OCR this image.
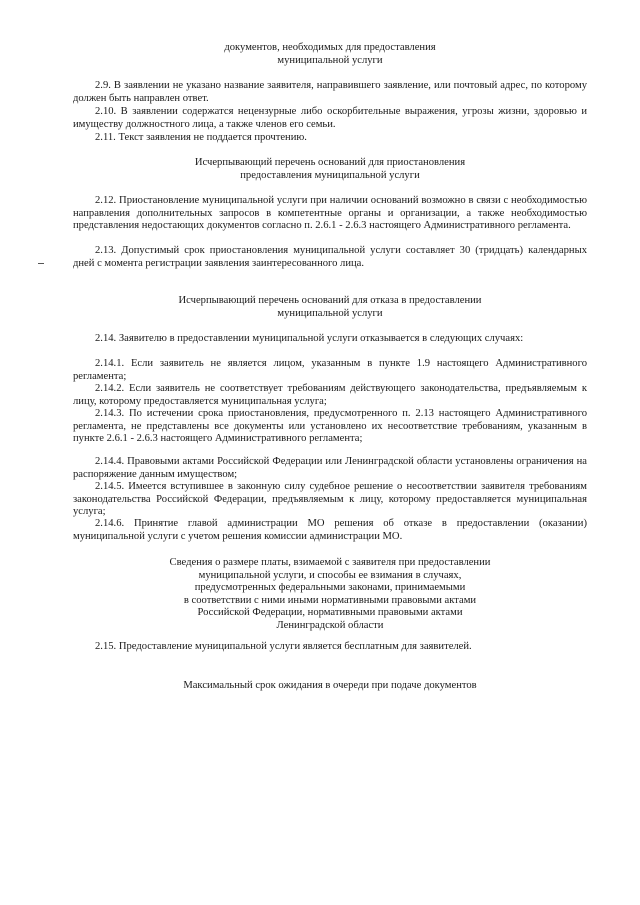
документов, необходимых для предоставления
муниципальной услуги
2.9. В заявлении не указано название заявителя, направившего заявление, или почтовый адрес, по которому должен быть направлен ответ.
2.10. В заявлении содержатся нецензурные либо оскорбительные выражения, угрозы жизни, здоровью и имуществу должностного лица, а также членов его семьи.
2.11. Текст заявления не поддается прочтению.
Исчерпывающий перечень оснований для приостановления
предоставления муниципальной услуги
2.12. Приостановление муниципальной услуги при наличии оснований возможно в связи с необходимостью направления дополнительных запросов в компетентные органы и организации, а также необходимостью представления недостающих документов согласно п. 2.6.1 - 2.6.3 настоящего Административного регламента.
2.13. Допустимый срок приостановления муниципальной услуги составляет 30 (тридцать) календарных дней с момента регистрации заявления заинтересованного лица.
Исчерпывающий перечень оснований для отказа в предоставлении
муниципальной услуги
2.14. Заявителю в предоставлении муниципальной услуги отказывается в следующих случаях:
2.14.1. Если заявитель не является лицом, указанным в пункте 1.9 настоящего Административного регламента;
2.14.2. Если заявитель не соответствует требованиям действующего законодательства, предъявляемым к лицу, которому предоставляется муниципальная услуга;
2.14.3. По истечении срока приостановления, предусмотренного п. 2.13 настоящего Административного регламента, не представлены все документы или установлено их несоответствие требованиям, указанным в пункте 2.6.1 - 2.6.3 настоящего Административного регламента;
2.14.4. Правовыми актами Российской Федерации или Ленинградской области установлены ограничения на распоряжение данным имуществом;
2.14.5. Имеется вступившее в законную силу судебное решение о несоответствии заявителя требованиям законодательства Российской Федерации, предъявляемым к лицу, которому предоставляется муниципальная услуга;
2.14.6. Принятие главой администрации МО решения об отказе в предоставлении (оказании) муниципальной услуги с учетом решения комиссии администрации МО.
Сведения о размере платы, взимаемой с заявителя при предоставлении
муниципальной услуги, и способы ее взимания в случаях,
предусмотренных федеральными законами, принимаемыми
в соответствии с ними иными нормативными правовыми актами
Российской Федерации, нормативными правовыми актами
Ленинградской области
2.15. Предоставление муниципальной услуги является бесплатным для заявителей.
Максимальный срок ожидания в очереди при подаче документов
